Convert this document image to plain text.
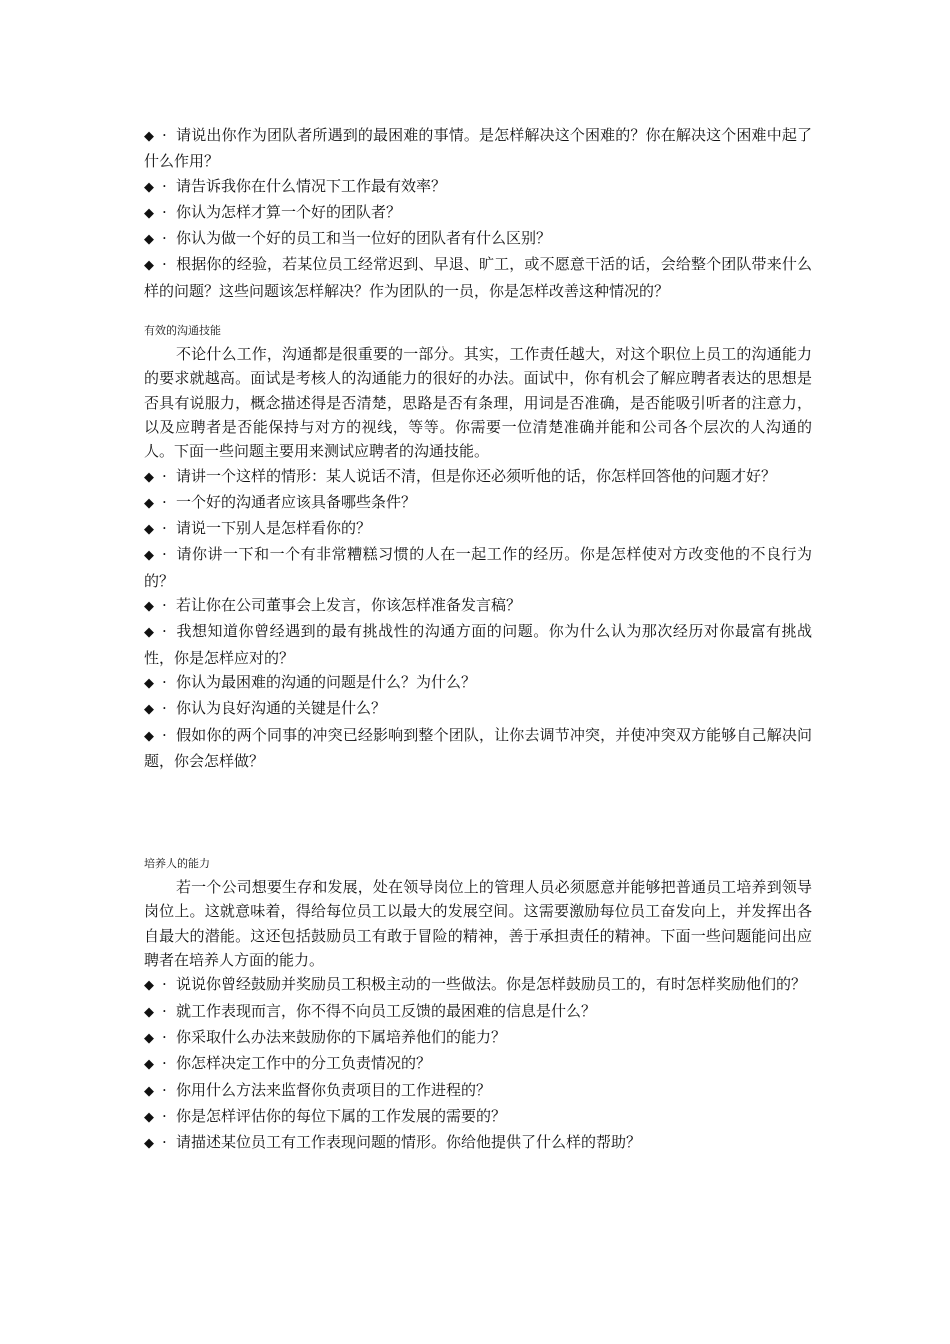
◆ · 请说出你作为团队者所遇到的最困难的事情。是怎样解决这个困难的？你在解决这个困难中起了什么作用？

◆ · 请告诉我你在什么情况下工作最有效率？

◆ · 你认为怎样才算一个好的团队者？

◆ · 你认为做一个好的员工和当一位好的团队者有什么区别？

◆ · 根据你的经验，若某位员工经常迟到、早退、旷工，或不愿意干活的话，会给整个团队带来什么样的问题？这些问题该怎样解决？作为团队的一员，你是怎样改善这种情况的？

有效的沟通技能

不论什么工作，沟通都是很重要的一部分。其实，工作责任越大，对这个职位上员工的沟通能力的要求就越高。面试是考核人的沟通能力的很好的办法。面试中，你有机会了解应聘者表达的思想是否具有说服力，概念描述得是否清楚，思路是否有条理，用词是否准确，是否能吸引听者的注意力，以及应聘者是否能保持与对方的视线，等等。你需要一位清楚准确并能和公司各个层次的人沟通的人。下面一些问题主要用来测试应聘者的沟通技能。

◆ · 请讲一个这样的情形：某人说话不清，但是你还必须听他的话，你怎样回答他的问题才好？

◆ · 一个好的沟通者应该具备哪些条件？

◆ · 请说一下别人是怎样看你的？

◆ · 请你讲一下和一个有非常糟糕习惯的人在一起工作的经历。你是怎样使对方改变他的不良行为的？

◆ · 若让你在公司董事会上发言，你该怎样准备发言稿？

◆ · 我想知道你曾经遇到的最有挑战性的沟通方面的问题。你为什么认为那次经历对你最富有挑战性，你是怎样应对的？

◆ · 你认为最困难的沟通的问题是什么？为什么？

◆ · 你认为良好沟通的关键是什么？

◆ · 假如你的两个同事的冲突已经影响到整个团队，让你去调节冲突，并使冲突双方能够自己解决问题，你会怎样做？

培养人的能力

若一个公司想要生存和发展，处在领导岗位上的管理人员必须愿意并能够把普通员工培养到领导岗位上。这就意味着，得给每位员工以最大的发展空间。这需要激励每位员工奋发向上，并发挥出各自最大的潜能。这还包括鼓励员工有敢于冒险的精神，善于承担责任的精神。下面一些问题能问出应聘者在培养人方面的能力。

◆ · 说说你曾经鼓励并奖励员工积极主动的一些做法。你是怎样鼓励员工的，有时怎样奖励他们的？

◆ · 就工作表现而言，你不得不向员工反馈的最困难的信息是什么？

◆ · 你采取什么办法来鼓励你的下属培养他们的能力？

◆ · 你怎样决定工作中的分工负责情况的？

◆ · 你用什么方法来监督你负责项目的工作进程的？

◆ · 你是怎样评估你的每位下属的工作发展的需要的？

◆ · 请描述某位员工有工作表现问题的情形。你给他提供了什么样的帮助？
